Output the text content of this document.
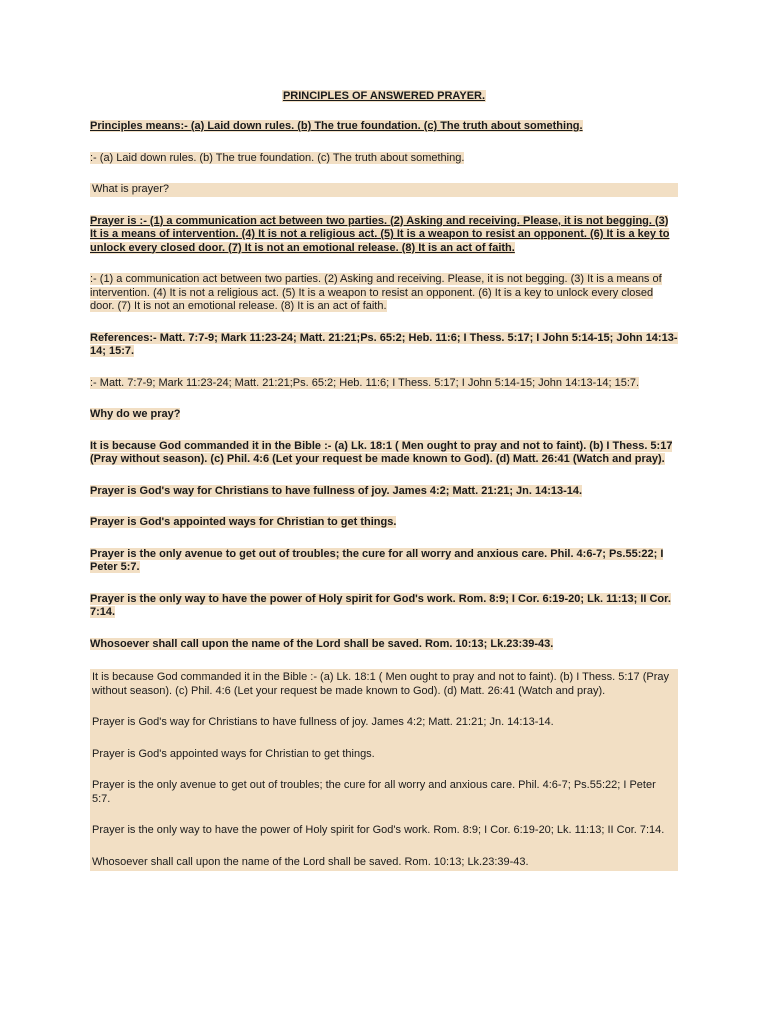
PRINCIPLES OF ANSWERED PRAYER.

Principles means:- (a) Laid down rules. (b) The true foundation. (c) The truth about something.

:- (a) Laid down rules. (b) The true foundation. (c) The truth about something.

What is prayer?

Prayer is :- (1) a communication act between two parties. (2) Asking and receiving. Please, it is not begging. (3) It is a means of intervention. (4) It is not a religious act. (5) It is a weapon to resist an opponent. (6) It is a key to unlock every closed door. (7) It is not an emotional release. (8) It is an act of faith.

:- (1) a communication act between two parties. (2) Asking and receiving. Please, it is not begging. (3) It is a means of intervention. (4) It is not a religious act. (5) It is a weapon to resist an opponent. (6) It is a key to unlock every closed door. (7) It is not an emotional release. (8) It is an act of faith.

References:- Matt. 7:7-9; Mark 11:23-24; Matt. 21:21;Ps. 65:2; Heb. 11:6; I Thess. 5:17; I John 5:14-15; John 14:13-14; 15:7.

:- Matt. 7:7-9; Mark 11:23-24; Matt. 21:21;Ps. 65:2; Heb. 11:6; I Thess. 5:17; I John 5:14-15; John 14:13-14; 15:7.

Why do we pray?

It is because God commanded it in the Bible :- (a) Lk. 18:1 ( Men ought to pray and not to faint). (b) I Thess. 5:17 (Pray without season). (c) Phil. 4:6 (Let your request be made known to God). (d) Matt. 26:41 (Watch and pray).

Prayer is God's way for Christians to have fullness of joy. James 4:2; Matt. 21:21; Jn. 14:13-14.

Prayer is God's appointed ways for Christian to get things.

Prayer is the only avenue to get out of troubles; the cure for all worry and anxious care. Phil. 4:6-7; Ps.55:22; I Peter 5:7.

Prayer is the only way to have the power of Holy spirit for God's work. Rom. 8:9; I Cor. 6:19-20; Lk. 11:13; II Cor. 7:14.

Whosoever shall call upon the name of the Lord shall be saved. Rom. 10:13; Lk.23:39-43.

It is because God commanded it in the Bible :- (a) Lk. 18:1 ( Men ought to pray and not to faint). (b) I Thess. 5:17 (Pray without season). (c) Phil. 4:6 (Let your request be made known to God). (d) Matt. 26:41 (Watch and pray).

Prayer is God's way for Christians to have fullness of joy. James 4:2; Matt. 21:21; Jn. 14:13-14.

Prayer is God's appointed ways for Christian to get things.

Prayer is the only avenue to get out of troubles; the cure for all worry and anxious care. Phil. 4:6-7; Ps.55:22; I Peter 5:7.

Prayer is the only way to have the power of Holy spirit for God's work. Rom. 8:9; I Cor. 6:19-20; Lk. 11:13; II Cor. 7:14.

Whosoever shall call upon the name of the Lord shall be saved. Rom. 10:13; Lk.23:39-43.
